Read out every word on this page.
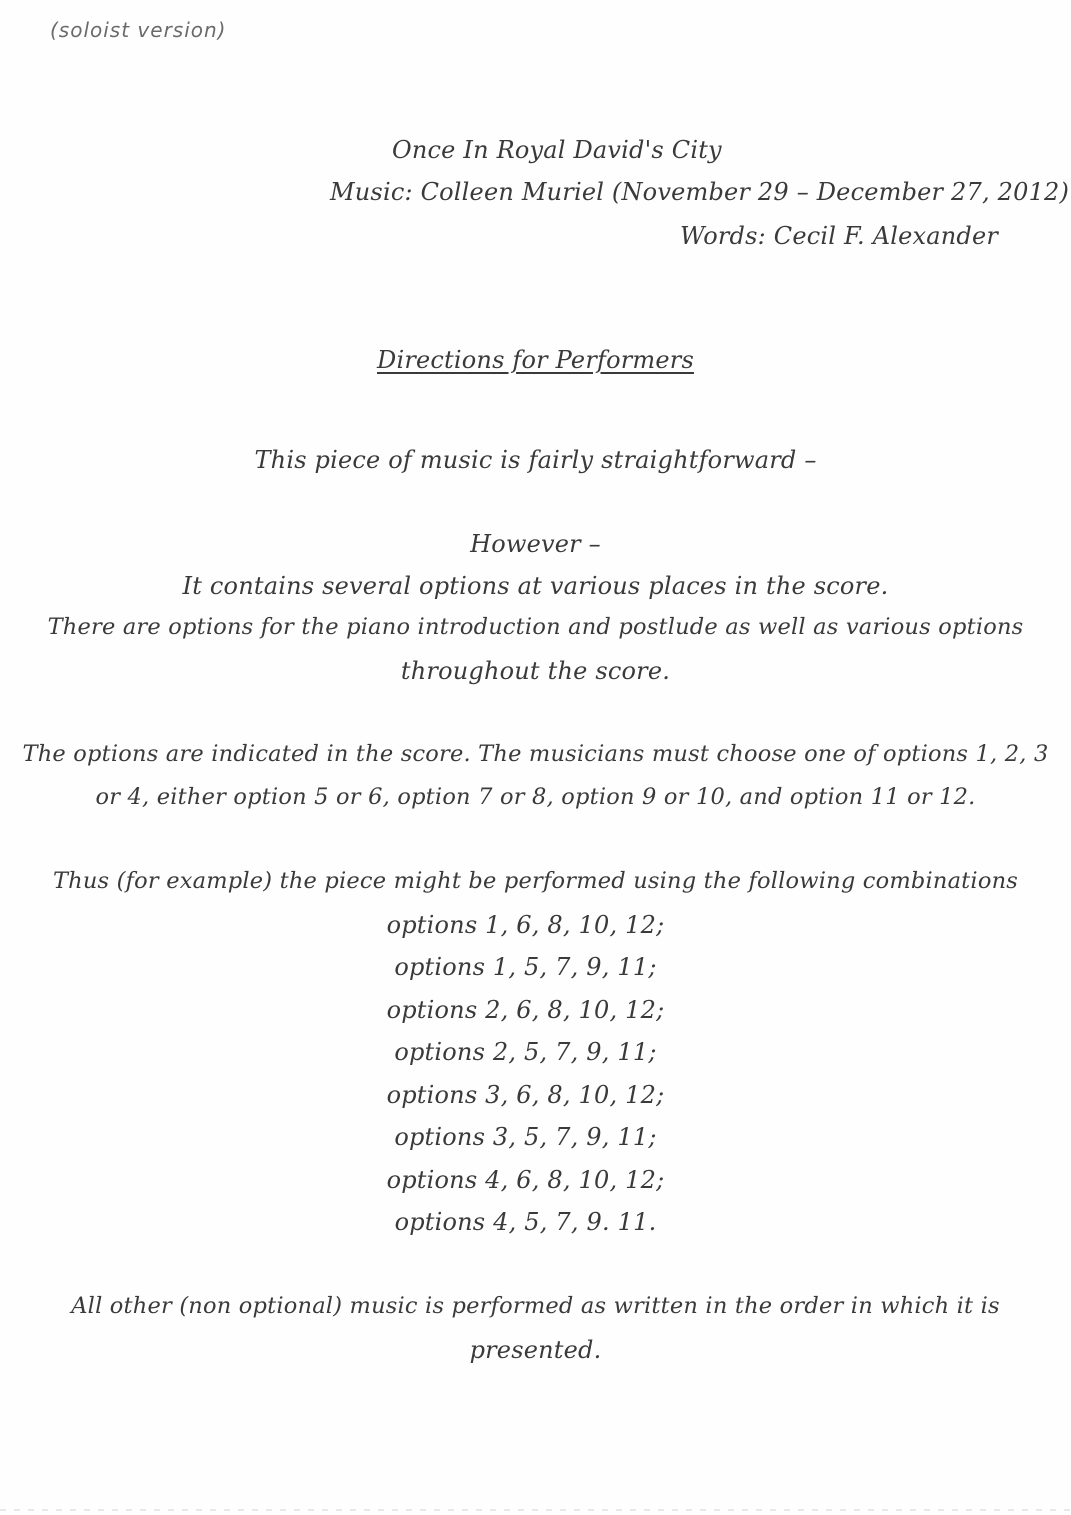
(soloist version)
Once In Royal David's City
Music: Colleen Muriel (November 29 – December 27, 2012)
Words: Cecil F. Alexander
Directions for Performers
This piece of music is fairly straightforward –
However –
It contains several options at various places in the score.
There are options for the piano introduction and postlude as well as various options
throughout the score.
The options are indicated in the score. The musicians must choose one of options 1, 2, 3
or 4, either option 5 or 6, option 7 or 8, option 9 or 10, and option 11 or 12.
Thus (for example) the piece might be performed using the following combinations
options 1, 6, 8, 10, 12;
options 1, 5, 7, 9, 11;
options 2, 6, 8, 10, 12;
options 2, 5, 7, 9, 11;
options 3, 6, 8, 10, 12;
options 3, 5, 7, 9, 11;
options 4, 6, 8, 10, 12;
options 4, 5, 7, 9. 11.
All other (non optional) music is performed as written in the order in which it is
presented.
